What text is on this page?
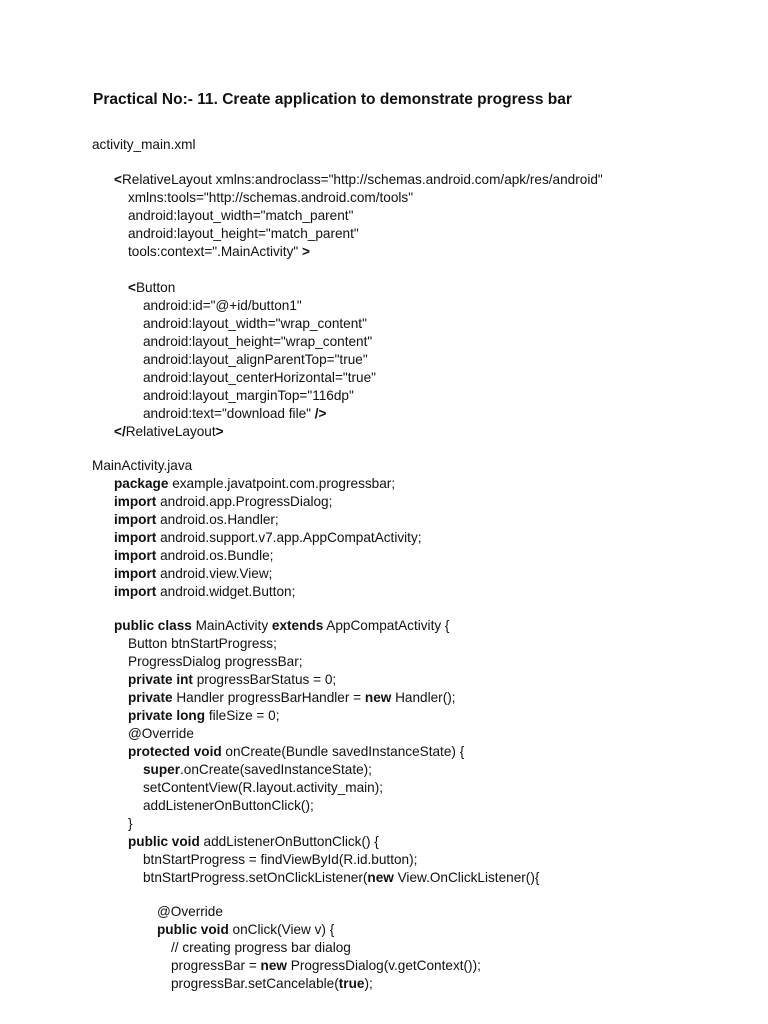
Practical No:- 11. Create application to demonstrate progress bar
activity_main.xml
<RelativeLayout xmlns:androclass="http://schemas.android.com/apk/res/android"
xmlns:tools="http://schemas.android.com/tools"
android:layout_width="match_parent"
android:layout_height="match_parent"
tools:context=".MainActivity" >
<Button
android:id="@+id/button1"
android:layout_width="wrap_content"
android:layout_height="wrap_content"
android:layout_alignParentTop="true"
android:layout_centerHorizontal="true"
android:layout_marginTop="116dp"
android:text="download file" />
</RelativeLayout>
MainActivity.java
package example.javatpoint.com.progressbar;
import android.app.ProgressDialog;
import android.os.Handler;
import android.support.v7.app.AppCompatActivity;
import android.os.Bundle;
import android.view.View;
import android.widget.Button;
public class MainActivity extends AppCompatActivity {
Button btnStartProgress;
ProgressDialog progressBar;
private int progressBarStatus = 0;
private Handler progressBarHandler = new Handler();
private long fileSize = 0;
@Override
protected void onCreate(Bundle savedInstanceState) {
super.onCreate(savedInstanceState);
setContentView(R.layout.activity_main);
addListenerOnButtonClick();
}
public void addListenerOnButtonClick() {
btnStartProgress = findViewById(R.id.button);
btnStartProgress.setOnClickListener(new View.OnClickListener(){
@Override
public void onClick(View v) {
// creating progress bar dialog
progressBar = new ProgressDialog(v.getContext());
progressBar.setCancelable(true);
